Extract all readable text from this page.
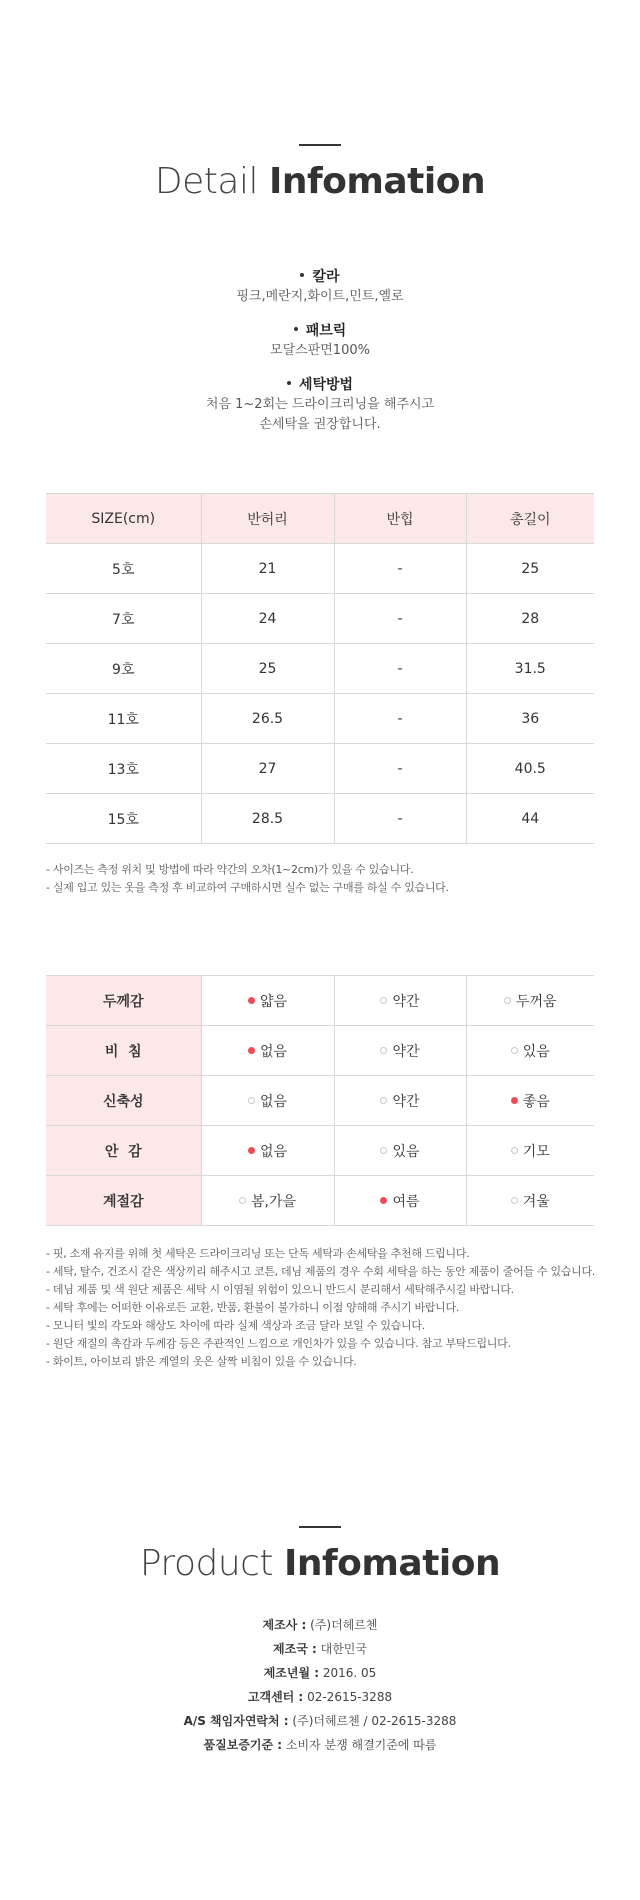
Detail Infomation
칼라
핑크,메란지,화이트,민트,옐로
패브릭
모달스판면100%
세탁방법
처음 1~2회는 드라이크리닝을 해주시고
손세탁을 권장합니다.
SIZE(cm)	반허리	반힙	총길이
5호	21	-	25
7호	24	-	28
9호	25	-	31.5
11호	26.5	-	36
13호	27	-	40.5
15호	28.5	-	44
- 사이즈는 측정 위치 및 방법에 따라 약간의 오차(1~2cm)가 있을 수 있습니다.
- 실제 입고 있는 옷을 측정 후 비교하여 구매하시면 실수 없는 구매를 하실 수 있습니다.
두께감	얇음	약간	두꺼움
비  침	없음	약간	있음
신축성	없음	약간	좋음
안  감	없음	있음	기모
계절감	봄,가을	여름	겨울
- 핏, 소재 유지를 위해 첫 세탁은 드라이크리닝 또는 단독 세탁과 손세탁을 추천해 드립니다.
- 세탁, 탈수, 건조시 같은 색상끼리 해주시고 코튼, 데님 제품의 경우 수회 세탁을 하는 동안 제품이 줄어들 수 있습니다.
- 데님 제품 및 색 원단 제품은 세탁 시 이염될 위험이 있으니 반드시 분리해서 세탁해주시길 바랍니다.
- 세탁 후에는 어떠한 이유로든 교환, 반품, 환불이 불가하니 이점 양해해 주시기 바랍니다.
- 모니터 빛의 각도와 해상도 차이에 따라 실제 색상과 조금 달라 보일 수 있습니다.
- 원단 재질의 촉감과 두께감 등은 주관적인 느낌으로 개인차가 있을 수 있습니다. 참고 부탁드립니다.
- 화이트, 아이보리 밝은 계열의 옷은 살짝 비침이 있을 수 있습니다.
Product Infomation
제조사 : (주)더헤르첸
제조국 : 대한민국
제조년월 : 2016. 05
고객센터 : 02-2615-3288
A/S 책임자연락처 : (주)더헤르첸 / 02-2615-3288
품질보증기준 : 소비자 분쟁 해결기준에 따름
